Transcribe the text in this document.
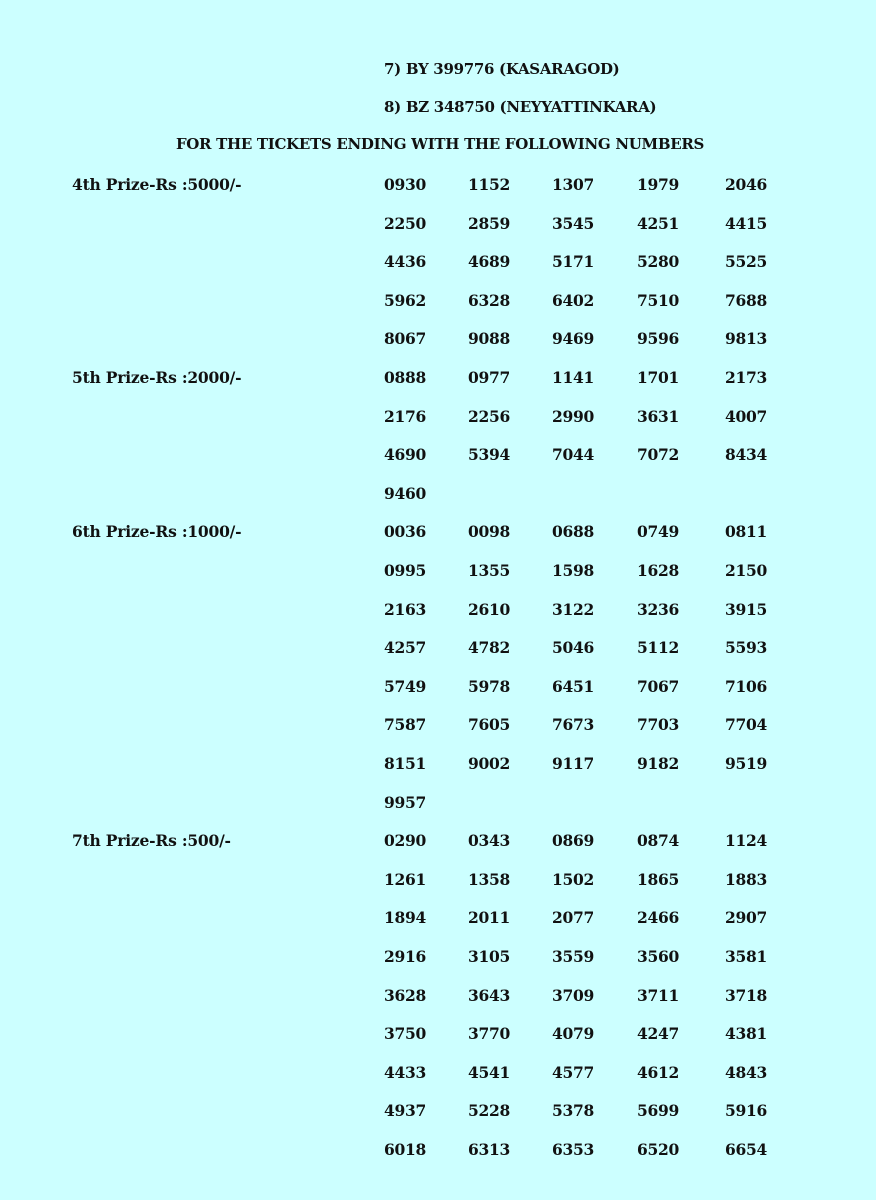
7) BY 399776 (KASARAGOD)
8) BZ 348750 (NEYYATTINKARA)
FOR THE TICKETS ENDING WITH THE FOLLOWING NUMBERS
4th Prize-Rs :5000/-	0930	1152	1307	1979	2046
2250	2859	3545	4251	4415
4436	4689	5171	5280	5525
5962	6328	6402	7510	7688
8067	9088	9469	9596	9813
5th Prize-Rs :2000/-	0888	0977	1141	1701	2173
2176	2256	2990	3631	4007
4690	5394	7044	7072	8434
9460
6th Prize-Rs :1000/-	0036	0098	0688	0749	0811
0995	1355	1598	1628	2150
2163	2610	3122	3236	3915
4257	4782	5046	5112	5593
5749	5978	6451	7067	7106
7587	7605	7673	7703	7704
8151	9002	9117	9182	9519
9957
7th Prize-Rs :500/-	0290	0343	0869	0874	1124
1261	1358	1502	1865	1883
1894	2011	2077	2466	2907
2916	3105	3559	3560	3581
3628	3643	3709	3711	3718
3750	3770	4079	4247	4381
4433	4541	4577	4612	4843
4937	5228	5378	5699	5916
6018	6313	6353	6520	6654
